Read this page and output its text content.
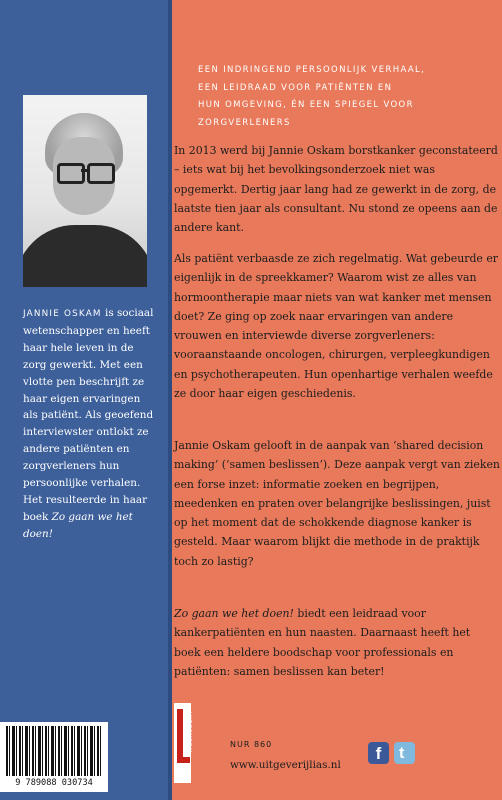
JANNIE OSKAM is sociaal wetenschapper en heeft haar hele leven in de zorg gewerkt. Met een vlotte pen beschrijft ze haar eigen ervaringen als patiënt. Als geoefend interviewster ontlokt ze andere patiënten en zorgverleners hun persoonlijke verhalen. Het resulteerde in haar boek Zo gaan we het doen!

9 789088 030734
EEN INDRINGEND PERSOONLIJK VERHAAL,
EEN LEIDRAAD VOOR PATIËNTEN EN
HUN OMGEVING, ÉN EEN SPIEGEL VOOR
ZORGVERLENERS

In 2013 werd bij Jannie Oskam borstkanker geconstateerd – iets wat bij het bevolkingsonderzoek niet was opgemerkt. Dertig jaar lang had ze gewerkt in de zorg, de laatste tien jaar als consultant. Nu stond ze opeens aan de andere kant.

Als patiënt verbaasde ze zich regelmatig. Wat gebeurde er eigenlijk in de spreekkamer? Waarom wist ze alles van hormoontherapie maar niets van wat kanker met mensen doet? Ze ging op zoek naar ervaringen van andere vrouwen en interviewde diverse zorgverleners: vooraanstaande oncologen, chirurgen, verpleegkundigen en psychotherapeuten. Hun openhartige verhalen weefde ze door haar eigen geschiedenis.

Jannie Oskam gelooft in de aanpak van ‘shared decision making’ (‘samen beslissen’). Deze aanpak vergt van zieken een forse inzet: informatie zoeken en begrijpen, meedenken en praten over belangrijke beslissingen, juist op het moment dat de schokkende diagnose kanker is gesteld. Maar waarom blijkt die methode in de praktijk toch zo lastig?

Zo gaan we het doen! biedt een leidraad voor kankerpatiënten en hun naasten. Daarnaast heeft het boek een heldere boodschap voor professionals en patiënten: samen beslissen kan beter!

UITGEVERIJ
Lias
NUR 860
www.uitgeverijlias.nl
f	t
